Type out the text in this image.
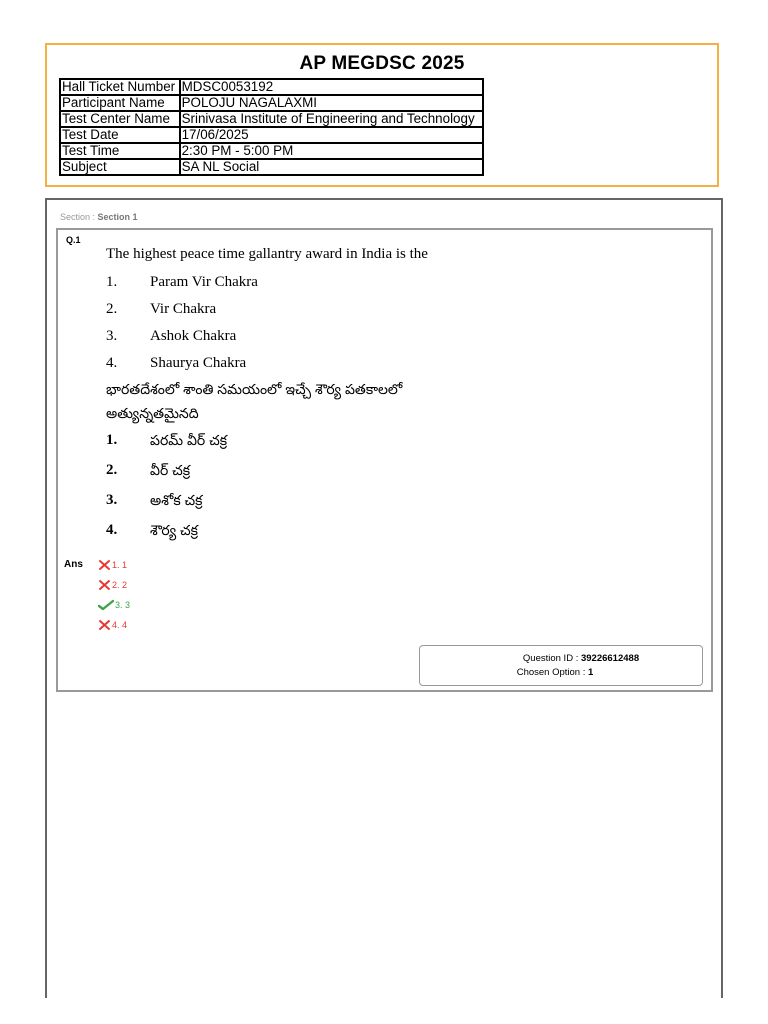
AP MEGDSC 2025
Hall Ticket Number	MDSC0053192
Participant Name	POLOJU NAGALAXMI
Test Center Name	Srinivasa Institute of Engineering and Technology
Test Date	17/06/2025
Test Time	2:30 PM - 5:00 PM
Subject	SA NL Social
Section : Section 1
Q.1
The highest peace time gallantry award in India is the
1. Param Vir Chakra
2. Vir Chakra
3. Ashok Chakra
4. Shaurya Chakra
భారతదేశంలో శాంతి సమయంలో ఇచ్చే శౌర్య పతకాలలో అత్యున్నతమైనది
1. పరమ్ వీర్ చక్ర
2. వీర్ చక్ర
3. అశోక చక్ర
4. శౌర్య చక్ర
Ans	1. 1
2. 2
3. 3
4. 4
Question ID : 39226612488
Chosen Option : 1
